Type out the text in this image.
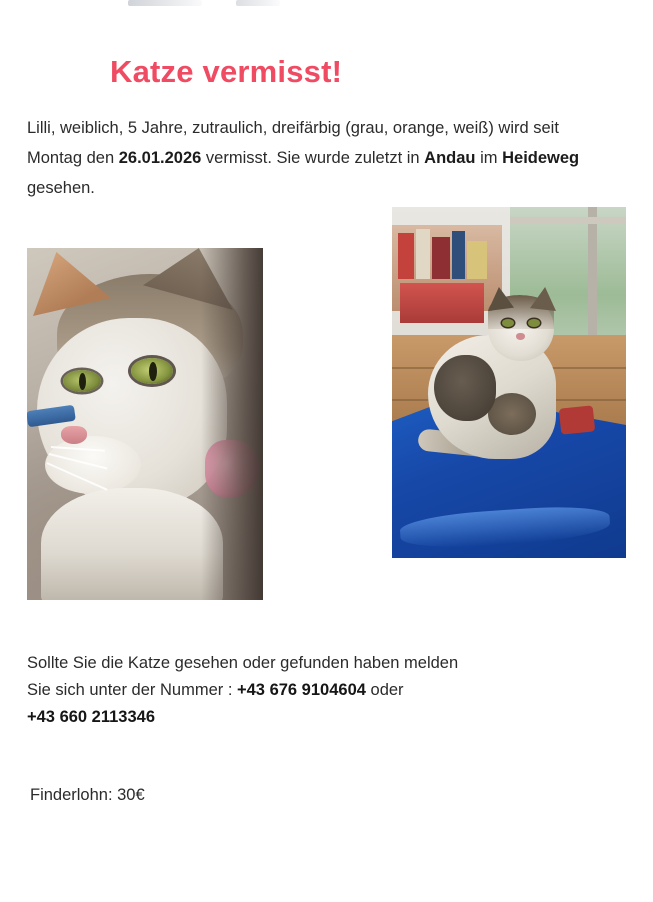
Katze vermisst!
Lilli, weiblich, 5 Jahre, zutraulich, dreifärbig (grau, orange, weiß) wird seit Montag den 26.01.2026 vermisst. Sie wurde zuletzt in Andau im Heideweg gesehen.
Sollte Sie die Katze gesehen oder gefunden haben melden
Sie sich unter der Nummer : +43 676 9104604 oder
+43 660 2113346
Finderlohn: 30€
